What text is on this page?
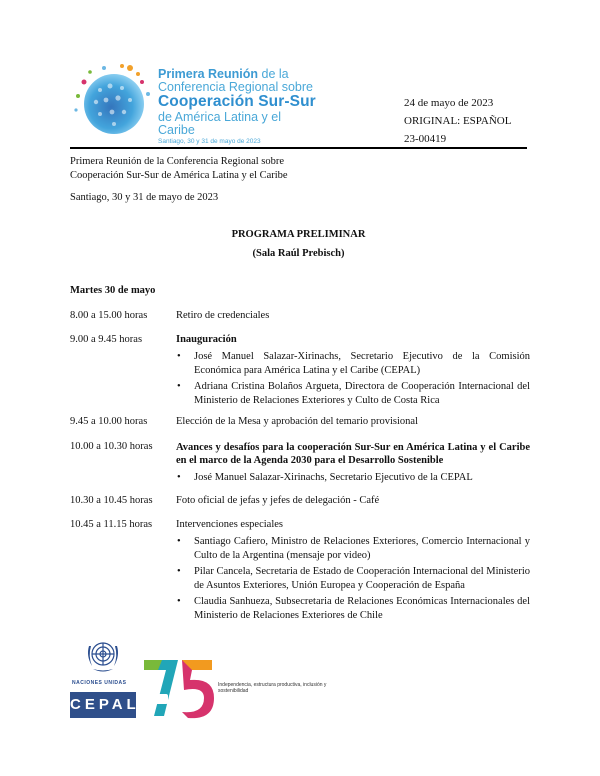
Primera Reunión de la
Conferencia Regional sobre
Cooperación Sur-Sur
de América Latina y el Caribe
Santiago, 30 y 31 de mayo de 2023
24 de mayo de 2023
ORIGINAL: ESPAÑOL
23-00419
Primera Reunión de la Conferencia Regional sobre
Cooperación Sur-Sur de América Latina y el Caribe
Santiago, 30 y 31 de mayo de 2023
PROGRAMA PRELIMINAR
(Sala Raúl Prebisch)
Martes 30 de mayo
8.00 a 15.00 horas	Retiro de credenciales
9.00 a 9.45 horas	Inauguración
• José Manuel Salazar-Xirinachs, Secretario Ejecutivo de la Comisión Económica para América Latina y el Caribe (CEPAL)
• Adriana Cristina Bolaños Argueta, Directora de Cooperación Internacional del Ministerio de Relaciones Exteriores y Culto de Costa Rica
9.45 a 10.00 horas	Elección de la Mesa y aprobación del temario provisional
10.00 a 10.30 horas Avances y desafíos para la cooperación Sur-Sur en América Latina y el Caribe en el marco de la Agenda 2030 para el Desarrollo Sostenible
• José Manuel Salazar-Xirinachs, Secretario Ejecutivo de la CEPAL
10.30 a 10.45 horas Foto oficial de jefas y jefes de delegación - Café
10.45 a 11.15 horas Intervenciones especiales
• Santiago Cafiero, Ministro de Relaciones Exteriores, Comercio Internacional y Culto de la Argentina (mensaje por video)
• Pilar Cancela, Secretaria de Estado de Cooperación Internacional del Ministerio de Asuntos Exteriores, Unión Europea y Cooperación de España
• Claudia Sanhueza, Subsecretaria de Relaciones Económicas Internacionales del Ministerio de Relaciones Exteriores de Chile
NACIONES UNIDAS
CEPAL años
Independencia, estructura productiva, inclusión y sostenibilidad
